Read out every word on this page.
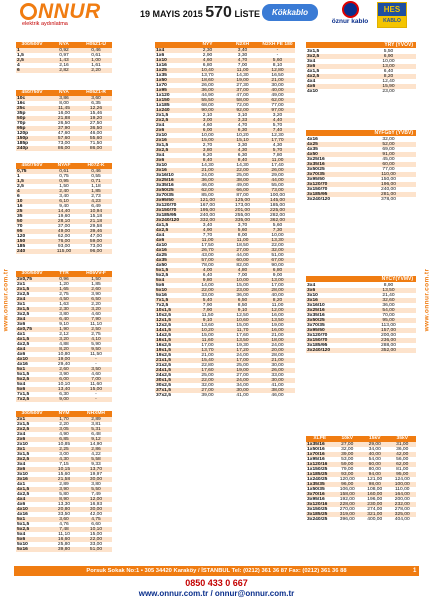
NNUR
elektrik aydınlatma
19 MAYIS 2015 570 LİSTE	Kökkablo
öznur kablo
HES
KABLO
www.onnur.com.tr	www.onnur.com.tr
300/500V	NYA	H05Z1-U
1	0,92	0,46
1,5	0,97	0,61
2,5	1,43	1,00
4	2,16	1,61
6	2,82	2,20
450/750V	NYA	H05Z1-R
10c	3,86	3,60
16c	8,00	6,35
25c	11,45	12,26
35p	16,00	15,46
50p	21,88	19,20
70p	26,50	27,50
95p	37,90	36,50
120p	47,60	46,00
150p	57,60	55,60
185p	73,00	71,50
240p	86,00	86,00
450/750V	NYAF	H07Z-K
0,75	0,61	0,46
1	0,75	0,55
1,5	0,95	0,71
2,5	1,50	1,18
4	2,40	1,85
6	3,40	2,73
10	6,10	4,23
16	9,40	6,49
25	14,40	10,94
35	19,60	15,18
50	28,10	21,18
70	37,00	29,58
95	49,00	39,46
120	62,00	47,00
150	76,00	59,00
185	93,00	73,00
240	115,00	96,00
300/500V	TTR	H05VV-F
2x0,75	0,96	1,50
2x1	1,20	1,85
2x1,5	1,65	2,60
2x2,5	2,75	3,90
2x4	4,50	6,50
3x1	1,63	2,20
3x1,5	2,30	3,20
3x2,5	3,80	4,60
3x4	6,40	7,90
3x6	9,10	11,10
4x0,75	1,90	2,50
4x1	2,12	2,75
4x1,5	3,20	4,10
4x2,5	4,88	5,90
4x4	8,20	9,50
4x6	10,80	11,50
4x10	19,00	-
4x16	29,40	-
5x1	2,60	3,50
5x1,5	3,90	4,60
5x2,5	6,00	7,00
5x4	10,10	11,60
5x6	13,40	15,00
7x1,5	6,30	-
7x2,5	9,00	-
300/500V	NYM	NHXMH
2x1	1,70	2,89
2x1,5	2,20	3,81
2x2,5	3,05	5,31
2x4	4,90	6,48
2x6	6,85	9,12
2x10	10,85	14,90
3x1	2,25	2,86
3x1,5	3,00	4,22
3x2,5	4,30	5,58
3x4	7,15	9,33
3x6	10,15	13,70
3x10	15,60	19,97
3x16	21,58	30,00
4x1	2,89	3,80
4x1,5	3,90	5,50
4x2,5	5,80	7,49
4x4	8,90	12,00
4x6	13,30	16,93
4x10	20,80	30,00
4x16	33,50	42,00
5x1	3,60	4,75
5x1,5	4,76	6,60
5x2,5	7,48	10,10
5x4	11,10	15,00
5x6	16,60	22,00
5x10	25,80	33,00
5x16	39,80	51,00
	NYY	N2XH	N2XH FE 180
1x4	2,30	3,40	-
1x6	2,90	3,30	-
1x10	4,60	4,70	5,60
1x16	6,80	7,00	8,10
1x25	10,40	11,00	12,80
1x35	13,70	14,30	16,50
1x50	18,60	19,00	21,00
1x70	26,00	27,30	30,00
1x95	36,00	37,00	40,00
1x120	44,90	47,00	49,00
1x150	55,50	58,00	62,00
1x185	68,00	72,00	77,00
1x240	90,00	92,00	97,00
2x1,5	2,10	3,10	3,20
2x2,5	3,00	3,33	4,40
2x4	4,60	4,70	5,70
2x6	6,00	6,30	7,40
2x10	10,00	10,20	12,30
2x16	15,00	15,10	17,70
3x1,5	2,70	3,30	4,30
3x2,5	3,80	4,30	5,70
3x4	6,20	6,30	7,80
3x6	8,40	8,40	11,00
3x10	14,30	14,30	17,40
3x16	21,00	22,00	26,00
3x16/10	24,00	25,00	29,00
3x25/16	36,00	38,00	44,00
3x35/16	46,00	49,00	55,00
3x50/25	62,00	66,00	73,00
3x70/35	85,00	87,00	100,00
3x95/50	121,00	125,00	145,00
3x120/70	167,00	173,00	185,00
3x150/70	195,00	201,00	225,00
3x185/95	240,00	255,00	282,00
3x240/120	332,00	335,00	362,00
4x1,5	3,40	3,70	5,60
4x2,5	4,90	5,60	7,30
4x4	7,70	8,00	10,00
4x6	11,00	11,00	13,30
4x10	17,50	18,50	22,00
4x16	26,70	27,00	32,00
4x25	43,00	44,00	51,00
4x35	57,00	60,00	67,00
4x50	78,00	82,00	90,00
5x1,5	4,00	4,80	6,80
5x2,5	6,40	7,00	9,00
5x4	9,80	10,00	13,00
5x6	14,00	15,00	17,00
5x10	22,00	23,00	28,00
5x16	33,00	36,00	40,00
7x1,5	5,40	6,50	8,20
7x2,5	7,90	8,50	11,00
10x1,5	7,90	9,10	12,00
10x2,5	11,50	12,50	16,00
12x1,5	9,10	10,60	13,50
12x2,5	13,60	15,00	19,00
14x1,5	10,20	11,70	16,00
14x2,5	15,00	17,60	21,00
16x1,5	11,60	13,50	18,00
16x2,5	17,00	19,30	24,00
19x1,5	13,70	17,20	20,00
19x2,5	21,00	24,00	28,00
21x1,5	15,40	17,00	21,00
21x2,5	22,80	25,00	30,00
24x1,5	17,60	19,00	26,00
24x2,5	25,00	27,00	33,00
30x1,5	22,00	24,00	30,00
30x2,5	32,00	34,00	41,00
37x1,5	27,00	30,00	38,00
37x2,5	39,00	41,00	46,00
YRY (YVOV)
3x1,5	5,50
3x2,5	6,90
3x4	10,00
3x6	13,00
4x1,5	6,40
4x2,5	8,20
4x4	12,40
4x6	15,90
4x10	23,00
NYFGbY (YVBV)
4x16	32,00
4x25	52,00
4x35	69,00
4x50	91,00
3x25/16	45,00
3x35/16	60,00
3x50/25	77,00
3x70/35	110,00
3x95/50	150,00
3x120/70	196,00
3x150/70	240,00
3x185/95	281,00
3x240/120	378,00
NYCY(YVMV)
3x4	8,90
3x6	13,50
3x10	21,40
3x16	32,60
3x16/10	36,00
3x25/16	54,00
3x35/16	70,00
3x50/25	95,00
3x70/35	113,00
3x95/50	157,00
3x120/70	200,00
3x150/70	236,00
3x185/95	288,00
3x240/120	352,00
XLPE	10kV	15kV	35kV
1x35/16	27,00	29,00	31,00
1x50/16	32,00	34,00	36,00
1x70/16	39,00	40,00	42,00
1x95/16	53,00	54,00	56,00
1x120/16	59,00	60,00	62,00
1x150/25	79,00	80,00	81,00
1x185/25	93,00	94,00	95,00
1x240/25	120,00	121,00	124,00
1x35/35	96,00	98,00	100,00
1x50/35	106,00	108,00	110,00
3x70/16	158,00	160,00	164,00
3x95/16	192,00	196,00	200,00
3x120/16	228,00	230,00	232,00
3x150/25	270,00	274,00	278,00
3x185/25	319,00	321,00	325,00
3x240/25	396,00	400,00	404,00
Porsuk Sokak No:1 • 305 34420 Karaköy / İSTANBUL Tel: (0212) 361 36 87 Fax: (0212) 361 36 88	1
0850 433 0 667
www.onnur.com.tr / onnur@onnur.com.tr
